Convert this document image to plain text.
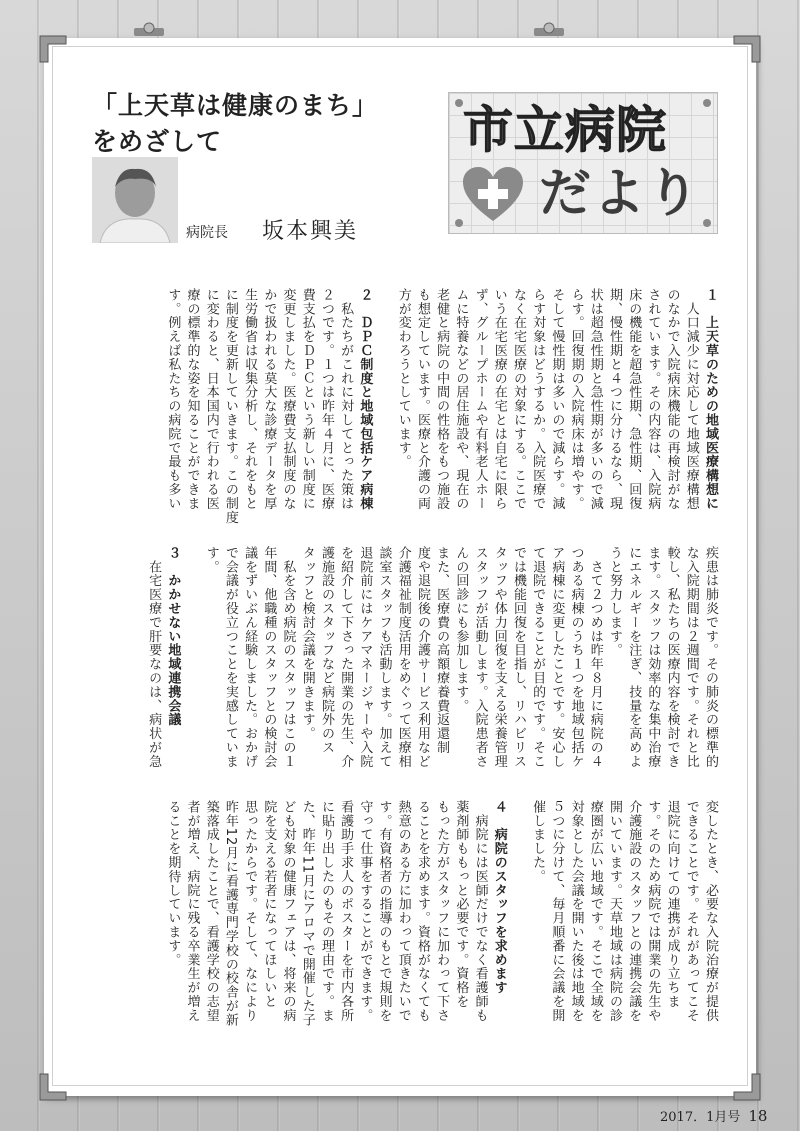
「上天草は健康のまち」
をめざして
病院長 坂本興美
市立病院
だより

１　上天草のための地域医療構想に

　人口減少に対応して地域医療構想

のなかで入院病床機能の再検討がな

されています。その内容は、入院病

床の機能を超急性期、急性期、回復

期、慢性期と４つに分けるなら、現

状は超急性期と急性期が多いので減

らす。回復期の入院病床は増やす。

そして慢性期は多いので減らす。減

らす対象はどうするか。入院医療で

なく在宅医療の対象にする。ここで

いう在宅医療の在宅とは自宅に限ら

ず、グループホームや有料老人ホー

ムに特養などの居住施設や、現在の

老健と病院の中間の性格をもつ施設

も想定しています。医療と介護の両

方が変わろうとしています。

２　ＤＰＣ制度と地域包括ケア病棟

　私たちがこれに対してとった策は

２つです。１つは昨年４月に、医療

費支払をＤＰＣという新しい制度に

変更しました。医療費支払制度のな

かで扱われる莫大な診療データを厚

生労働省は収集分析し、それをもと

に制度を更新していきます。この制度

に変わると、日本国内で行われる医

療の標準的な姿を知ることができま

す。例えば私たちの病院で最も多い

疾患は肺炎です。その肺炎の標準的

な入院期間は２週間です。それと比

較し、私たちの医療内容を検討でき

ます。スタッフは効率的な集中治療

にエネルギーを注ぎ、技量を高めよ

うと努力します。

　さて２つめは昨年８月に病院の４

つある病棟のうち１つを地域包括ケ

ア病棟に変更したことです。安心し

て退院できることが目的です。そこ

では機能回復を目指し、リハビリス

タッフや体力回復を支える栄養管理

スタッフが活動します。入院患者さ

んの回診にも参加します。

また、医療費の高額療養費返還制

度や退院後の介護サービス利用など

介護福祉制度活用をめぐって医療相

談室スタッフも活動します。加えて

退院前にはケアマネージャーや入院

を紹介して下さった開業の先生、介

護施設のスタッフなど病院外のス

タッフと検討会議を開きます。

　私を含め病院のスタッフはこの１

年間、他職種のスタッフとの検討会

議をずいぶん経験しました。おかげ

で会議が役立つことを実感していま

す。

３　かかせない地域連携会議

　在宅医療で肝要なのは、病状が急

変したとき、必要な入院治療が提供

できることです。それがあってこそ

退院に向けての連携が成り立ちま

す。そのため病院では開業の先生や

介護施設のスタッフとの連携会議を

開いています。天草地域は病院の診

療圏が広い地域です。そこで全域を

対象とした会議を開いた後は地域を

５つに分けて、毎月順番に会議を開

催しました。

４　病院のスタッフを求めます

　病院には医師だけでなく看護師も

薬剤師ももっと必要です。資格を

もった方がスタッフに加わって下さ

ることを求めます。資格がなくても

熱意のある方に加わって頂きたいで

す。有資格者の指導のもとで規則を

守って仕事をすることができます。

看護助手求人のポスターを市内各所

に貼り出したのもその理由です。ま

た、昨年11月にアロマで開催した子

ども対象の健康フェアは、将来の病

院を支える若者になってほしいと

思ったからです。そして、なにより

昨年12月に看護専門学校の校舎が新

築落成したことで、看護学校の志望

者が増え、病院に残る卒業生が増え

ることを期待しています。

2017．1月号 18
